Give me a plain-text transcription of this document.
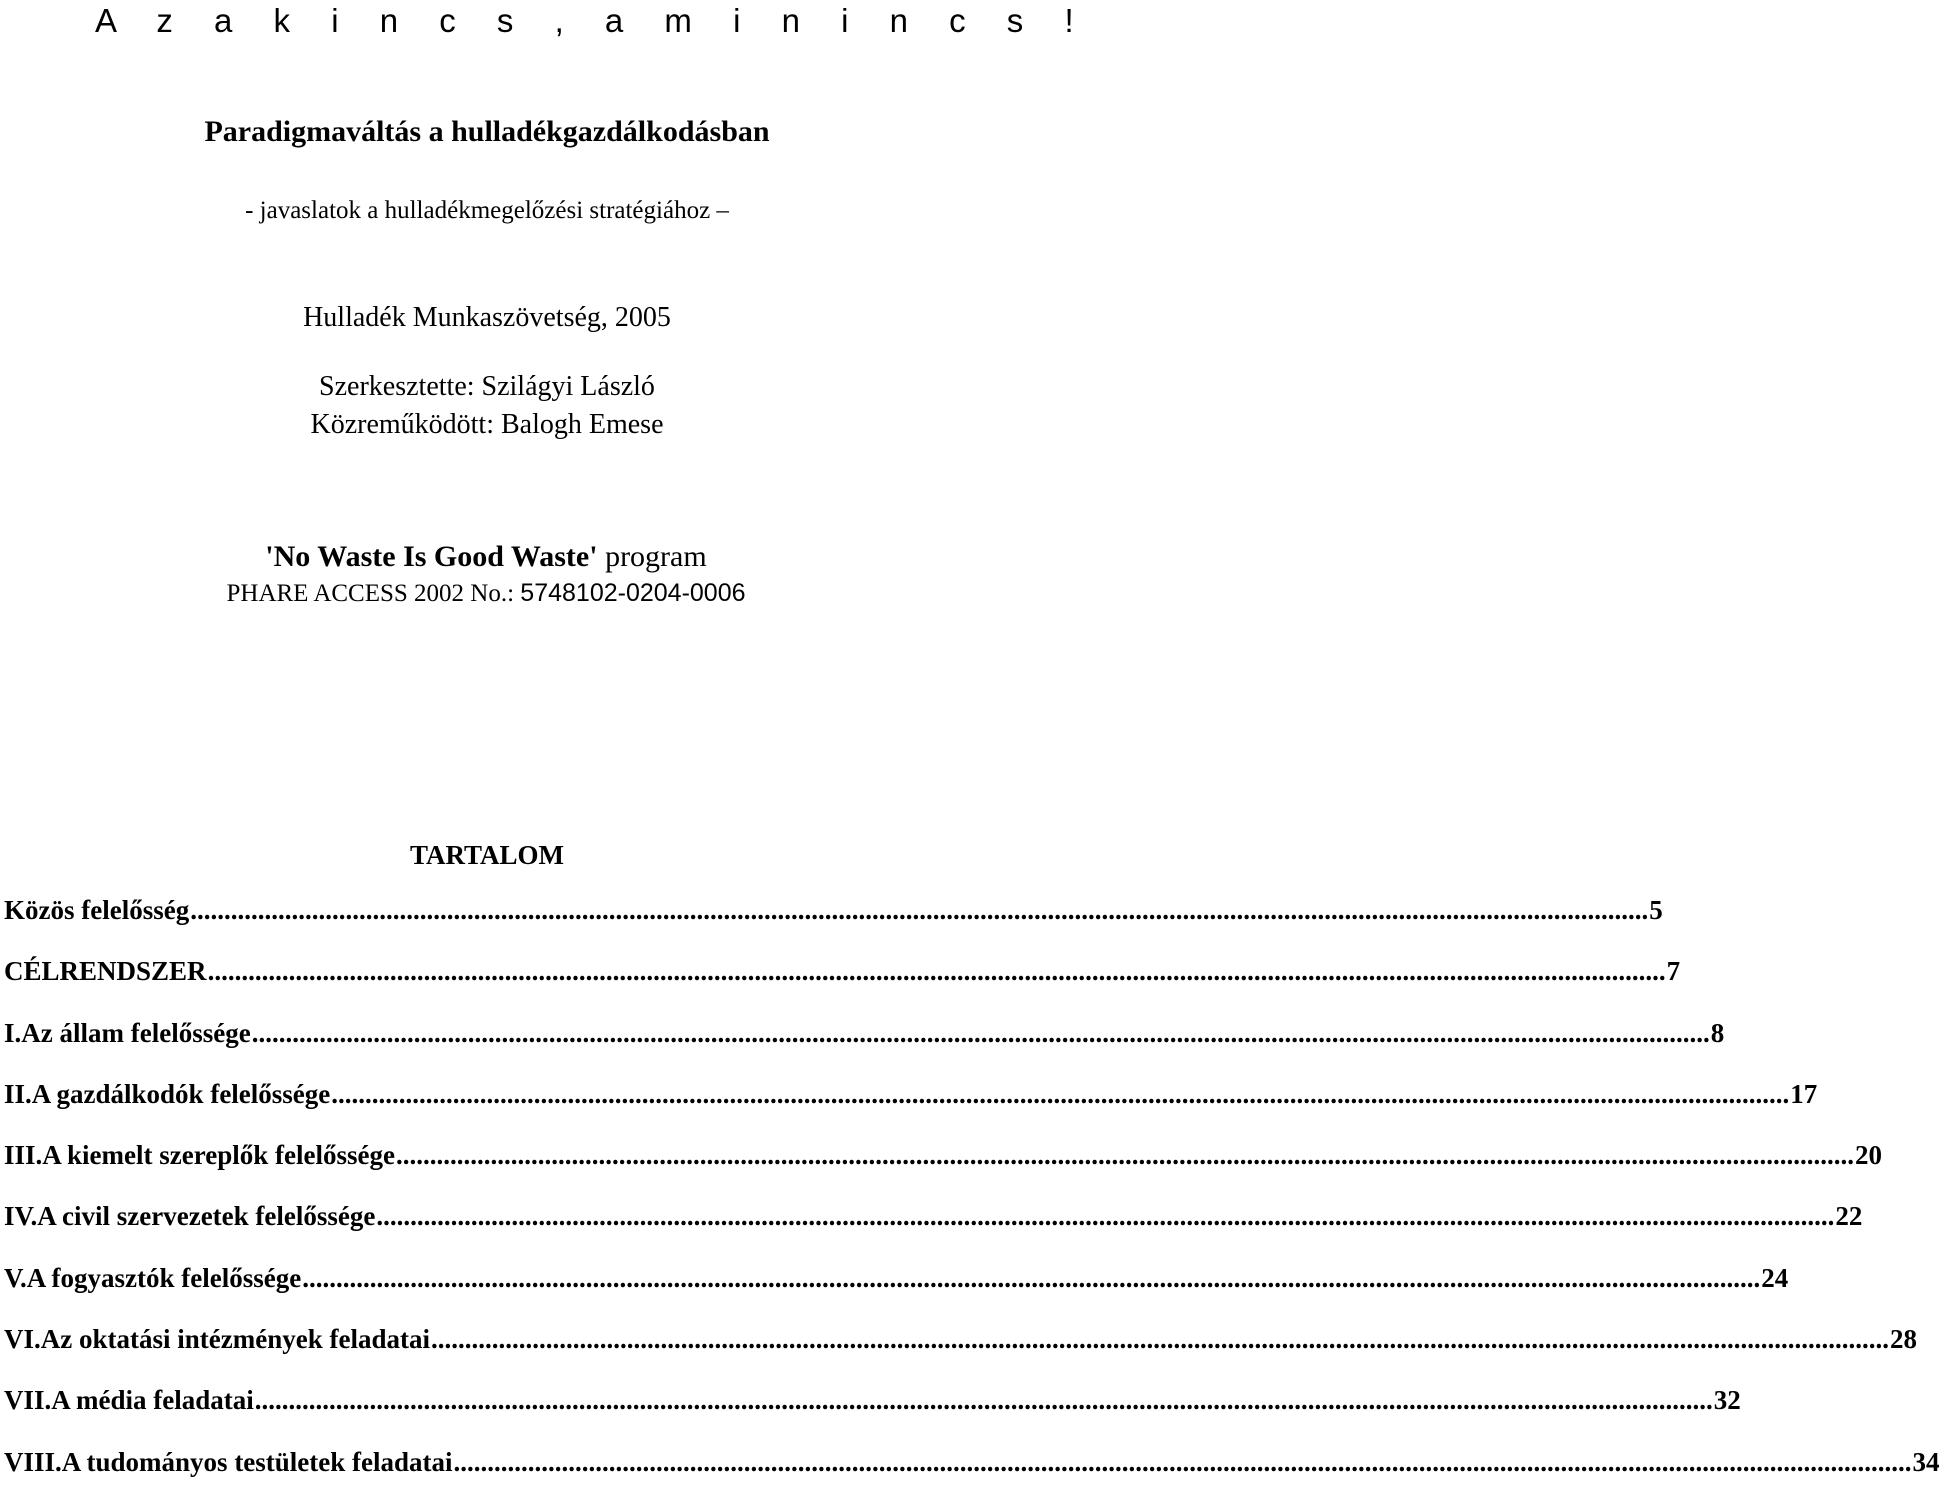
A z a k i n c s , a m i n i n c s !
Paradigmaváltás a hulladékgazdálkodásban
- javaslatok a hulladékmegelőzési stratégiához –
Hulladék Munkaszövetség, 2005
Szerkesztette: Szilágyi László
Közreműködött: Balogh Emese
'No Waste Is Good Waste' program
PHARE ACCESS 2002 No.: 5748102-0204-0006
TARTALOM
Közös felelősség .....	5
CÉLRENDSZER .....	7
I.Az állam felelőssége .....	8
II.A gazdálkodók felelőssége .....	17
III.A kiemelt szereplők felelőssége .....	20
IV.A civil szervezetek felelőssége .....	22
V.A fogyasztók felelőssége .....	24
VI.Az oktatási intézmények feladatai .....	28
VII.A média feladatai .....	32
VIII.A tudományos testületek feladatai .....	34
